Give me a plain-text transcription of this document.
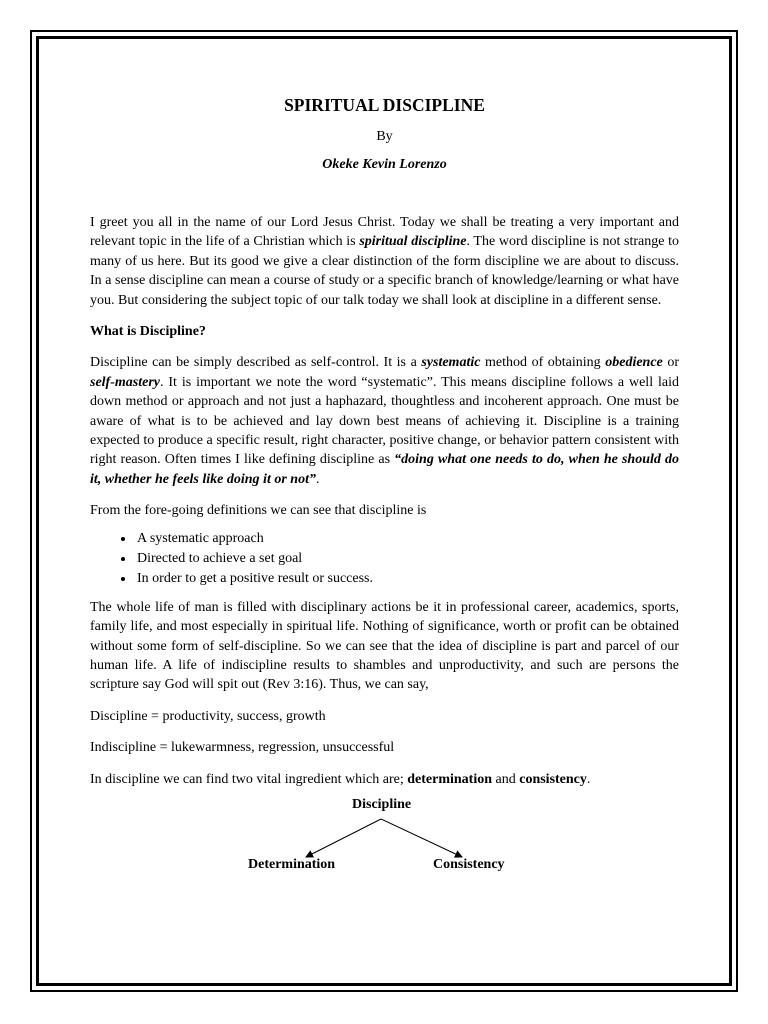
SPIRITUAL DISCIPLINE

By

Okeke Kevin Lorenzo

I greet you all in the name of our Lord Jesus Christ. Today we shall be treating a very important and relevant topic in the life of a Christian which is spiritual discipline. The word discipline is not strange to many of us here. But its good we give a clear distinction of the form discipline we are about to discuss. In a sense discipline can mean a course of study or a specific branch of knowledge/learning or what have you. But considering the subject topic of our talk today we shall look at discipline in a different sense.

What is Discipline?

Discipline can be simply described as self-control. It is a systematic method of obtaining obedience or self-mastery. It is important we note the word “systematic”. This means discipline follows a well laid down method or approach and not just a haphazard, thoughtless and incoherent approach. One must be aware of what is to be achieved and lay down best means of achieving it. Discipline is a training expected to produce a specific result, right character, positive change, or behavior pattern consistent with right reason. Often times I like defining discipline as “doing what one needs to do, when he should do it, whether he feels like doing it or not”.

From the fore-going definitions we can see that discipline is

• A systematic approach
• Directed to achieve a set goal
• In order to get a positive result or success.

The whole life of man is filled with disciplinary actions be it in professional career, academics, sports, family life, and most especially in spiritual life. Nothing of significance, worth or profit can be obtained without some form of self-discipline. So we can see that the idea of discipline is part and parcel of our human life. A life of indiscipline results to shambles and unproductivity, and such are persons the scripture say God will spit out (Rev 3:16). Thus, we can say,

Discipline = productivity, success, growth

Indiscipline = lukewarmness, regression, unsuccessful

In discipline we can find two vital ingredient which are; determination and consistency.

Discipline
Determination	Consistency
